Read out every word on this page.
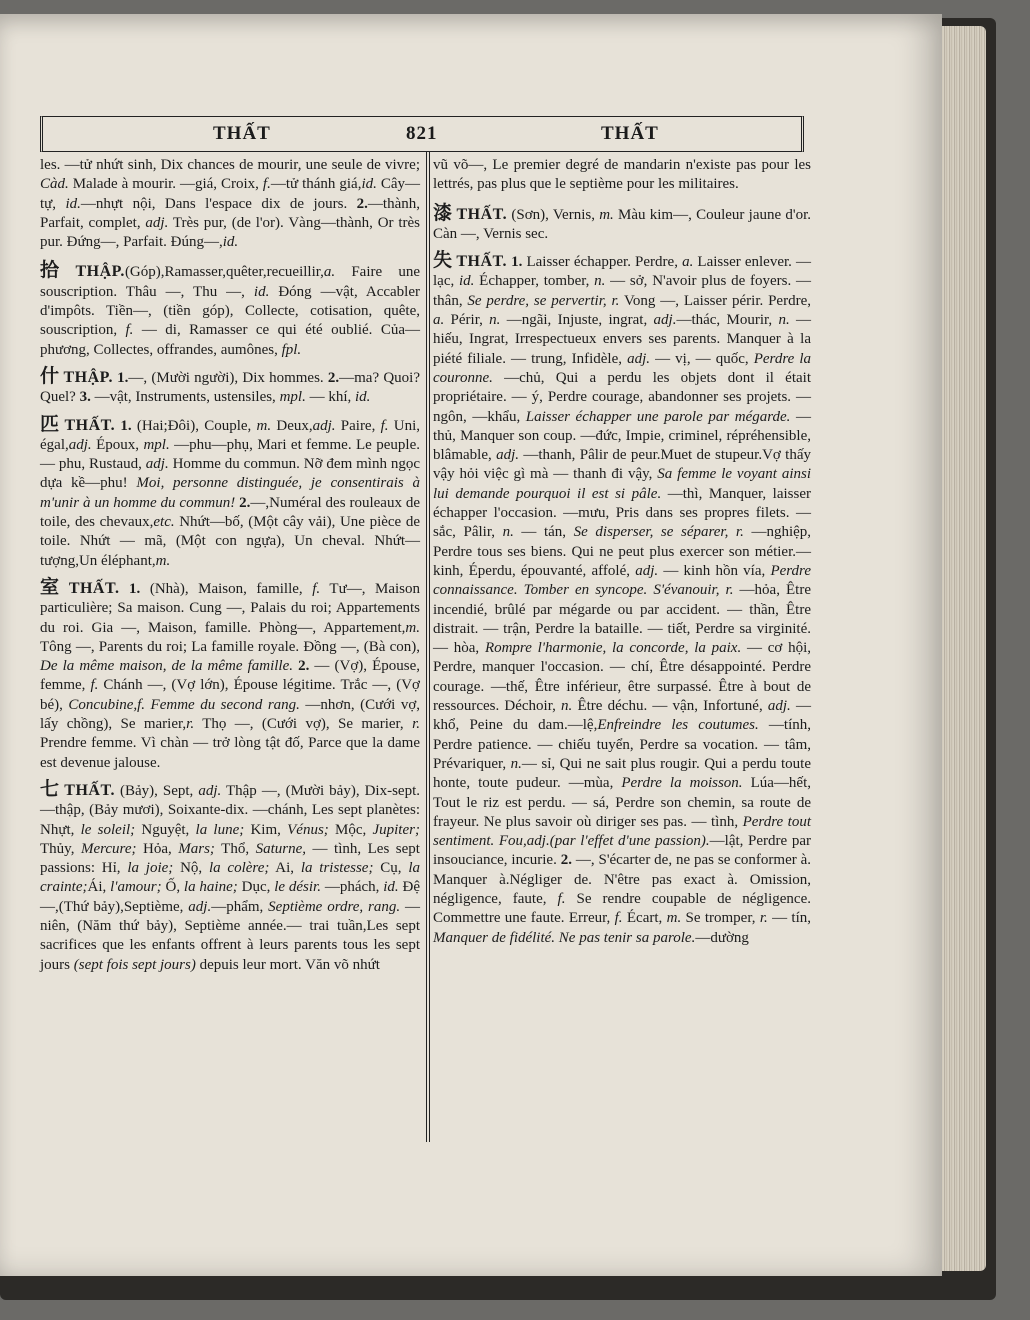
THẤT	821	THẤT

les. —tử nhứt sinh, Dix chances de mourir, une seule de vivre; Càd. Malade à mourir. —giá, Croix, f.—tử thánh giá,id. Cây—tự, id.—nhựt nội, Dans l'espace dix de jours. 2.—thành, Parfait, complet, adj. Très pur, (de l'or). Vàng—thành, Or très pur. Đứng—, Parfait. Đúng—,id.

拾 THẬP.(Góp),Ramasser,quêter,recueillir,a. Faire une souscription. Thâu —, Thu —, id. Đóng —vật, Accabler d'impôts. Tiền—, (tiền góp), Collecte, cotisation, quête, souscription, f. — di, Ramasser ce qui été oublié. Của—phương, Collectes, offrandes, aumônes, fpl.

什 THẬP. 1.—, (Mười người), Dix hommes. 2.—ma? Quoi? Quel? 3. —vật, Instruments, ustensiles, mpl. — khí, id.

匹 THẤT. 1. (Hai;Đôi), Couple, m. Deux,adj. Paire, f. Uni, égal,adj. Époux, mpl. —phu—phụ, Mari et femme. Le peuple. — phu, Rustaud, adj. Homme du commun. Nỡ đem mình ngọc dựa kề—phu! Moi, personne distinguée, je consentirais à m'unir à un homme du commun! 2.—,Numéral des rouleaux de toile, des chevaux,etc. Nhứt—bố, (Một cây vải), Une pièce de toile. Nhứt — mã, (Một con ngựa), Un cheval. Nhứt—tượng,Un éléphant,m.

室 THẤT. 1. (Nhà), Maison, famille, f. Tư—, Maison particulière; Sa maison. Cung —, Palais du roi; Appartements du roi. Gia —, Maison, famille. Phòng—, Appartement,m. Tông —, Parents du roi; La famille royale. Đồng —, (Bà con), De la même maison, de la même famille. 2. — (Vợ), Épouse, femme, f. Chánh —, (Vợ lớn), Épouse légitime. Trắc —, (Vợ bé), Concubine,f. Femme du second rang. —nhơn, (Cưới vợ, lấy chồng), Se marier,r. Thọ —, (Cưới vợ), Se marier, r. Prendre femme. Vì chàn — trở lòng tật đố, Parce que la dame est devenue jalouse.

七 THẤT. (Bảy), Sept, adj. Thập —, (Mười bảy), Dix-sept. —thập, (Bảy mươi), Soixante-dix. —chánh, Les sept planètes: Nhựt, le soleil; Nguyệt, la lune; Kim, Vénus; Mộc, Jupiter; Thủy, Mercure; Hỏa, Mars; Thổ, Saturne, — tình, Les sept passions: Hỉ, la joie; Nộ, la colère; Ai, la tristesse; Cụ, la crainte;Ái, l'amour; Ố, la haine; Dục, le désir. —phách, id. Đệ—,(Thứ bảy),Septième, adj.—phẩm, Septième ordre, rang. —niên, (Năm thứ bảy), Septième année.— trai tuần,Les sept sacrifices que les enfants offrent à leurs parents tous les sept jours (sept fois sept jours) depuis leur mort. Văn võ nhứt

vũ võ—, Le premier degré de mandarin n'existe pas pour les lettrés, pas plus que le septième pour les militaires.

漆 THẤT. (Sơn), Vernis, m. Màu kim—, Couleur jaune d'or. Càn —, Vernis sec.

失 THẤT. 1. Laisser échapper. Perdre, a. Laisser enlever. — lạc, id. Échapper, tomber, n. — sở, N'avoir plus de foyers. — thân, Se perdre, se pervertir, r. Vong —, Laisser périr. Perdre, a. Périr, n. —ngãi, Injuste, ingrat, adj.—thác, Mourir, n. — hiếu, Ingrat, Irrespectueux envers ses parents. Manquer à la piété filiale. — trung, Infidèle, adj. — vị, — quốc, Perdre la couronne. —chủ, Qui a perdu les objets dont il était propriétaire. — ý, Perdre courage, abandonner ses projets. —ngôn, —khẩu, Laisser échapper une parole par mégarde. — thủ, Manquer son coup. —đức, Impie, criminel, répréhensible, blâmable, adj. —thanh, Pâlir de peur.Muet de stupeur.Vợ thấy vậy hỏi việc gì mà — thanh đi vậy, Sa femme le voyant ainsi lui demande pourquoi il est si pâle. —thì, Manquer, laisser échapper l'occasion. —mưu, Pris dans ses propres filets. —sắc, Pâlir, n. — tán, Se disperser, se séparer, r. —nghiệp, Perdre tous ses biens. Qui ne peut plus exercer son métier.—kinh, Éperdu, épouvanté, affolé, adj. — kinh hồn vía, Perdre connaissance. Tomber en syncope. S'évanouir, r. —hỏa, Être incendié, brûlé par mégarde ou par accident. — thần, Être distrait. — trận, Perdre la bataille. — tiết, Perdre sa virginité. — hòa, Rompre l'harmonie, la concorde, la paix. — cơ hội, Perdre, manquer l'occasion. — chí, Être désappointé. Perdre courage. —thế, Être inférieur, être surpassé. Être à bout de ressources. Déchoir, n. Être déchu. — vận, Infortuné, adj. — khổ, Peine du dam.—lệ,Enfreindre les coutumes. —tính, Perdre patience. — chiếu tuyển, Perdre sa vocation. — tâm, Prévariquer, n.— sỉ, Qui ne sait plus rougir. Qui a perdu toute honte, toute pudeur. —mùa, Perdre la moisson. Lúa—hết, Tout le riz est perdu. — sá, Perdre son chemin, sa route de frayeur. Ne plus savoir où diriger ses pas. — tình, Perdre tout sentiment. Fou,adj.(par l'effet d'une passion).—lật, Perdre par insouciance, incurie. 2. —, S'écarter de, ne pas se conformer à. Manquer à.Négliger de. N'être pas exact à. Omission, négligence, faute, f. Se rendre coupable de négligence. Commettre une faute. Erreur, f. Écart, m. Se tromper, r. — tín, Manquer de fidélité. Ne pas tenir sa parole.—dường
